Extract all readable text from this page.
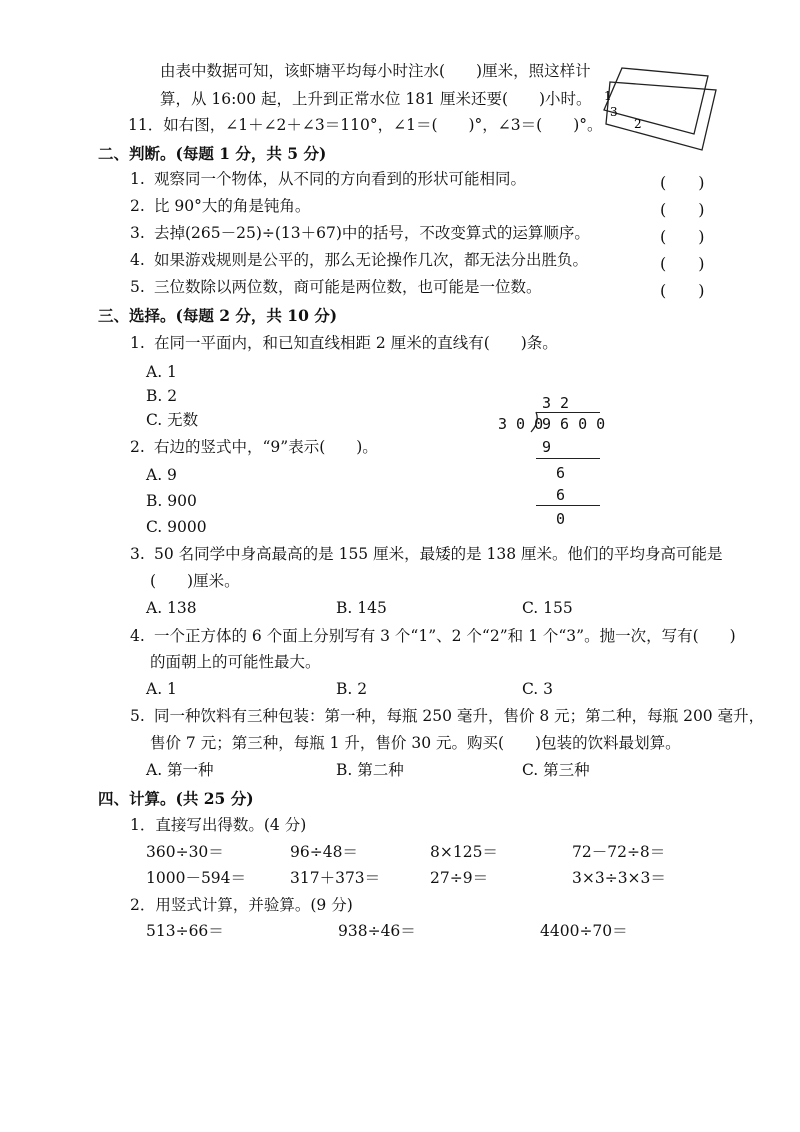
由表中数据可知，该虾塘平均每小时注水(　　)厘米，照这样计
算，从 16:00 起，上升到正常水位 181 厘米还要(　　)小时。 1
3
2
11．如右图，∠1＋∠2＋∠3＝110°，∠1＝(　　)°，∠3＝(　　)°。
二、判断。(每题 1 分，共 5 分)
1. 观察同一个物体，从不同的方向看到的形状可能相同。	(　　)
2. 比 90°大的角是钝角。	(　　)
3. 去掉(265－25)÷(13＋67)中的括号，不改变算式的运算顺序。	(　　)
4. 如果游戏规则是公平的，那么无论操作几次，都无法分出胜负。	(　　)
5. 三位数除以两位数，商可能是两位数，也可能是一位数。	(　　)
三、选择。(每题 2 分，共 10 分)
1. 在同一平面内，和已知直线相距 2 厘米的直线有(　　)条。
A. 1
B. 2
C. 无数
3 2
3 0 0
9 6 0 0
9
6
6
0
2. 右边的竖式中，“9”表示(　　)。
A. 9
B. 900
C. 9000
3. 50 名同学中身高最高的是 155 厘米，最矮的是 138 厘米。他们的平均身高可能是
(　　)厘米。
A. 138	B. 145	C. 155
4. 一个正方体的 6 个面上分别写有 3 个“1”、2 个“2”和 1 个“3”。抛一次，写有(　　)
的面朝上的可能性最大。
A. 1	B. 2	C. 3
5. 同一种饮料有三种包装：第一种，每瓶 250 毫升，售价 8 元；第二种，每瓶 200 毫升，
售价 7 元；第三种，每瓶 1 升，售价 30 元。购买(　　)包装的饮料最划算。
A. 第一种	B. 第二种	C. 第三种
四、计算。(共 25 分)
1．直接写出得数。(4 分)
360÷30＝	96÷48＝	8×125＝	72－72÷8＝
1000－594＝	317＋373＝	27÷9＝	3×3÷3×3＝
2．用竖式计算，并验算。(9 分)
513÷66＝	938÷46＝	4400÷70＝
